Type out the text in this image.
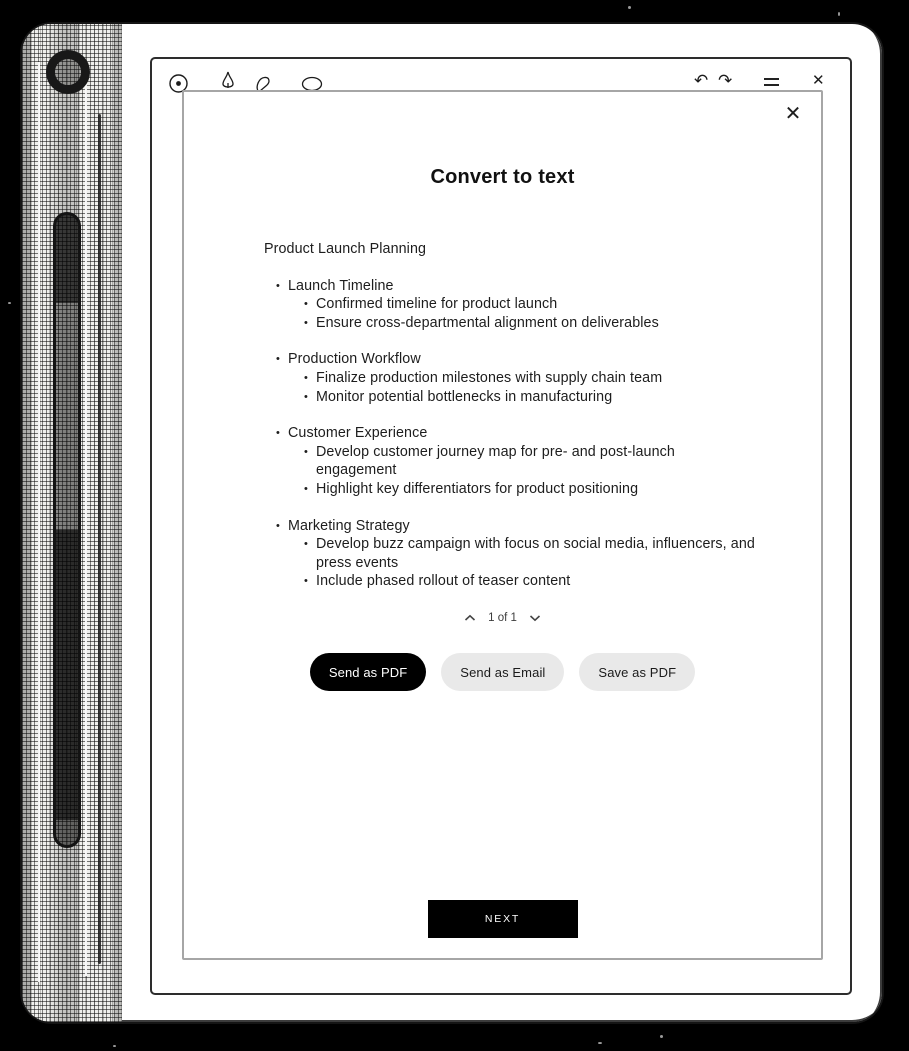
↶ ↷	✕
✕
Convert to text
Product Launch Planning
• Launch Timeline
• Confirmed timeline for product launch
• Ensure cross-departmental alignment on deliverables
• Production Workflow
• Finalize production milestones with supply chain team
• Monitor potential bottlenecks in manufacturing
• Customer Experience
• Develop customer journey map for pre- and post-launch engagement
• Highlight key differentiators for product positioning
• Marketing Strategy
• Develop buzz campaign with focus on social media, influencers, and press events
• Include phased rollout of teaser content
1 of 1
Send as PDF	Send as Email	Save as PDF
NEXT
